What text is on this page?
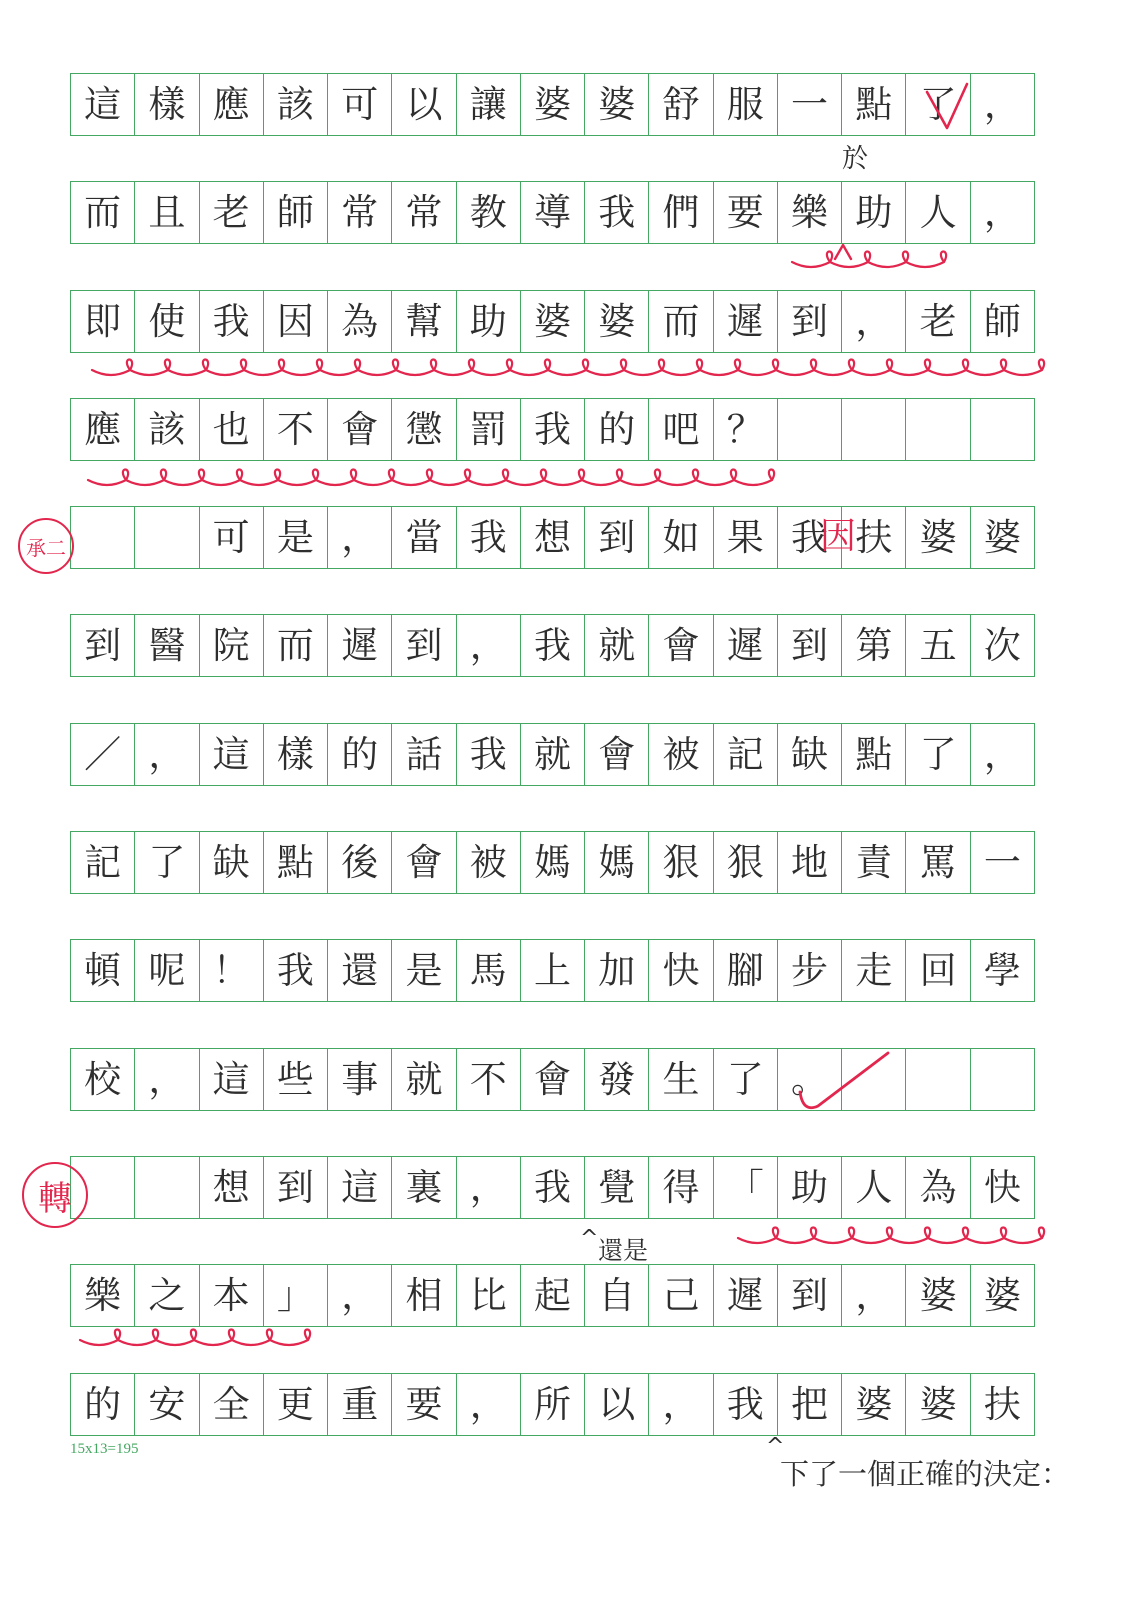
這 樣 應 該 可 以 讓 婆 婆 舒 服 一 點 了 ，
而 且 老 師 常 常 教 導 我 們 要 樂 助 人 ，
即 使 我 因 為 幫 助 婆 婆 而 遲 到 ， 老 師
應 該 也 不 會 懲 罰 我 的 吧 ？
可 是 ， 當 我 想 到 如 果 我 扶 婆 婆
到 醫 院 而 遲 到 ， 我 就 會 遲 到 第 五 次
／ ， 這 樣 的 話 我 就 會 被 記 缺 點 了 ，
記 了 缺 點 後 會 被 媽 媽 狠 狠 地 責 罵 一
頓 呢 ！ 我 還 是 馬 上 加 快 腳 步 走 回 學
校 ， 這 些 事 就 不 會 發 生 了 。
想 到 這 裏 ， 我 覺 得 「 助 人 為 快
樂 之 本 」 ， 相 比 起 自 己 遲 到 ， 婆 婆
的 安 全 更 重 要 ， 所 以 ， 我 把 婆 婆 扶
15x13=195
於
因
^ 還是
^
下了一個正確的決定：
承二
轉
